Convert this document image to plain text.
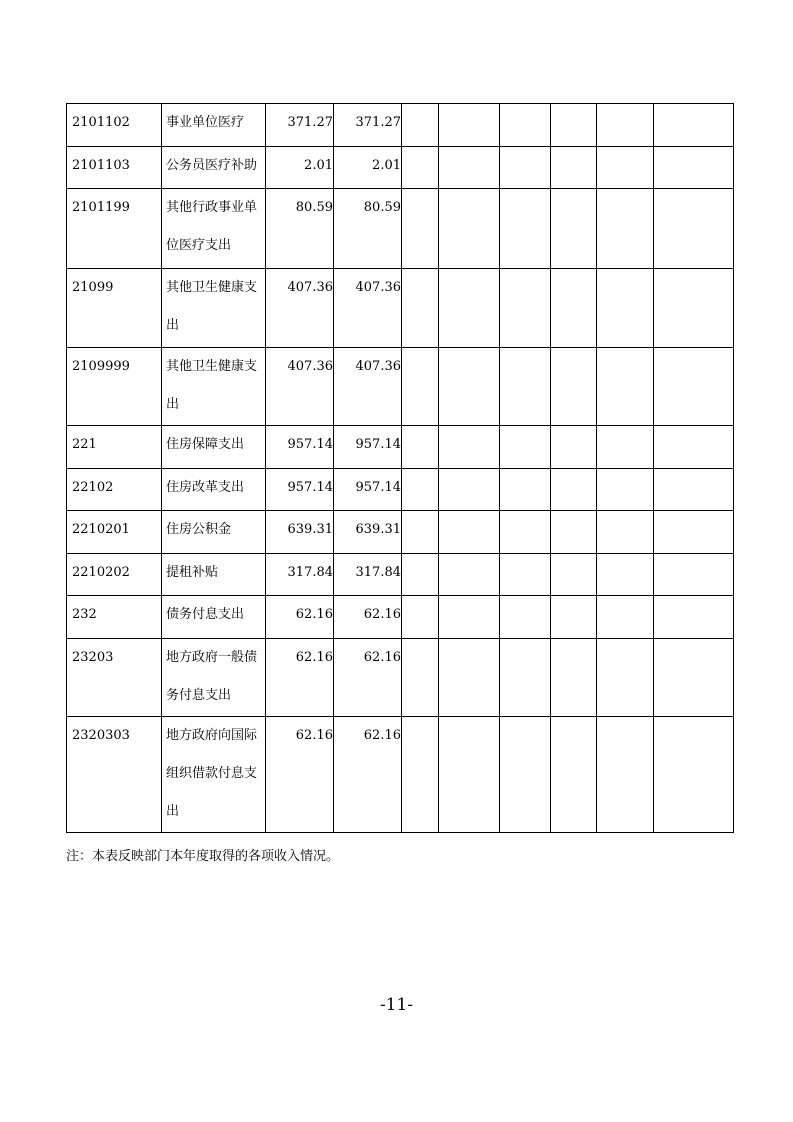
2101102	事业单位医疗	371.27	371.27						
2101103	公务员医疗补助	2.01	2.01						
2101199	其他行政事业单位医疗支出	80.59	80.59						
21099	其他卫生健康支出	407.36	407.36						
2109999	其他卫生健康支出	407.36	407.36						
221	住房保障支出	957.14	957.14						
22102	住房改革支出	957.14	957.14						
2210201	住房公积金	639.31	639.31						
2210202	提租补贴	317.84	317.84						
232	债务付息支出	62.16	62.16						
23203	地方政府一般债务付息支出	62.16	62.16						
2320303	地方政府向国际组织借款付息支出	62.16	62.16						
注：本表反映部门本年度取得的各项收入情况。
-11-
